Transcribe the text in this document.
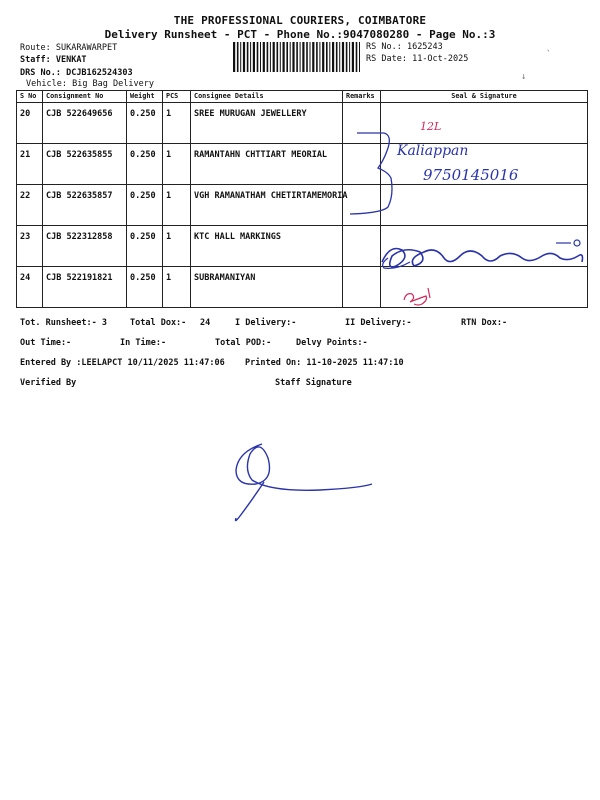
THE PROFESSIONAL COURIERS, COIMBATORE
Delivery Runsheet - PCT - Phone No.:9047080280 - Page No.:3
Route: SUKARAWARPET
Staff: VENKAT
DRS No.: DCJB162524303
Vehicle: Big Bag Delivery
RS No.: 1625243
RS Date: 11-Oct-2025	`
↓
S No	Consignment No	Weight	PCS	Consignee Details	Remarks	Seal & Signature
20	CJB 522649656	0.250	1	SREE MURUGAN JEWELLERY		
21	CJB 522635855	0.250	1	RAMANTAHN CHTTIART MEORIAL		
22	CJB 522635857	0.250	1	VGH RAMANATHAM CHETIRTAMEMORIA		
23	CJB 522312858	0.250	1	KTC HALL MARKINGS		
24	CJB 522191821	0.250	1	SUBRAMANIYAN		
Tot. Runsheet:- 3	Total Dox:- 24	I Delivery:-	II Delivery:-	RTN Dox:-
Out Time:-	In Time:-	Total POD:-	Delvy Points:-
Entered By :LEELAPCT 10/11/2025 11:47:06 Printed On: 11-10-2025 11:47:10
Verified By	Staff Signature
12L
Kaliappan
9750145016
